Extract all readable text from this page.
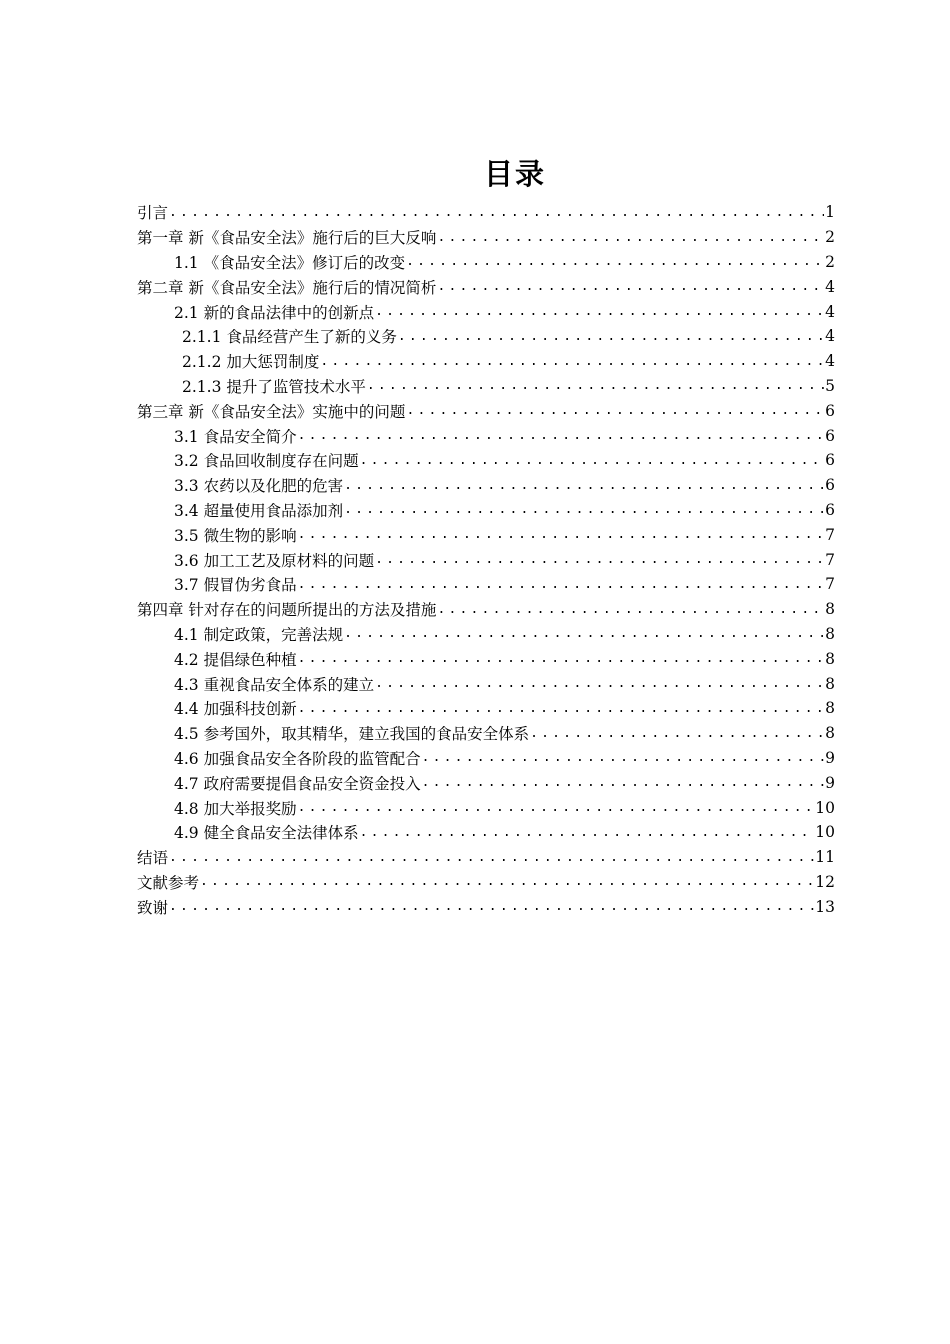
目录
引言 .....	1
第一章 新《食品安全法》施行后的巨大反响 .....	2
1.1 《食品安全法》修订后的改变 .....	2
第二章 新《食品安全法》施行后的情况简析 .....	4
2.1 新的食品法律中的创新点 .....	4
2.1.1 食品经营产生了新的义务 .....	4
2.1.2 加大惩罚制度 .....	4
2.1.3 提升了监管技术水平 .....	5
第三章 新《食品安全法》实施中的问题 .....	6
3.1 食品安全简介 .....	6
3.2 食品回收制度存在问题 .....	6
3.3 农药以及化肥的危害 .....	6
3.4 超量使用食品添加剂 .....	6
3.5 微生物的影响 .....	7
3.6 加工工艺及原材料的问题 .....	7
3.7 假冒伪劣食品 .....	7
第四章 针对存在的问题所提出的方法及措施 .....	8
4.1 制定政策，完善法规 .....	8
4.2 提倡绿色种植 .....	8
4.3 重视食品安全体系的建立 .....	8
4.4 加强科技创新 .....	8
4.5 参考国外，取其精华，建立我国的食品安全体系 .....	8
4.6 加强食品安全各阶段的监管配合 .....	9
4.7 政府需要提倡食品安全资金投入 .....	9
4.8 加大举报奖励 .....	10
4.9 健全食品安全法律体系 .....	10
结语 .....	11
文献参考 .....	12
致谢 .....	13
